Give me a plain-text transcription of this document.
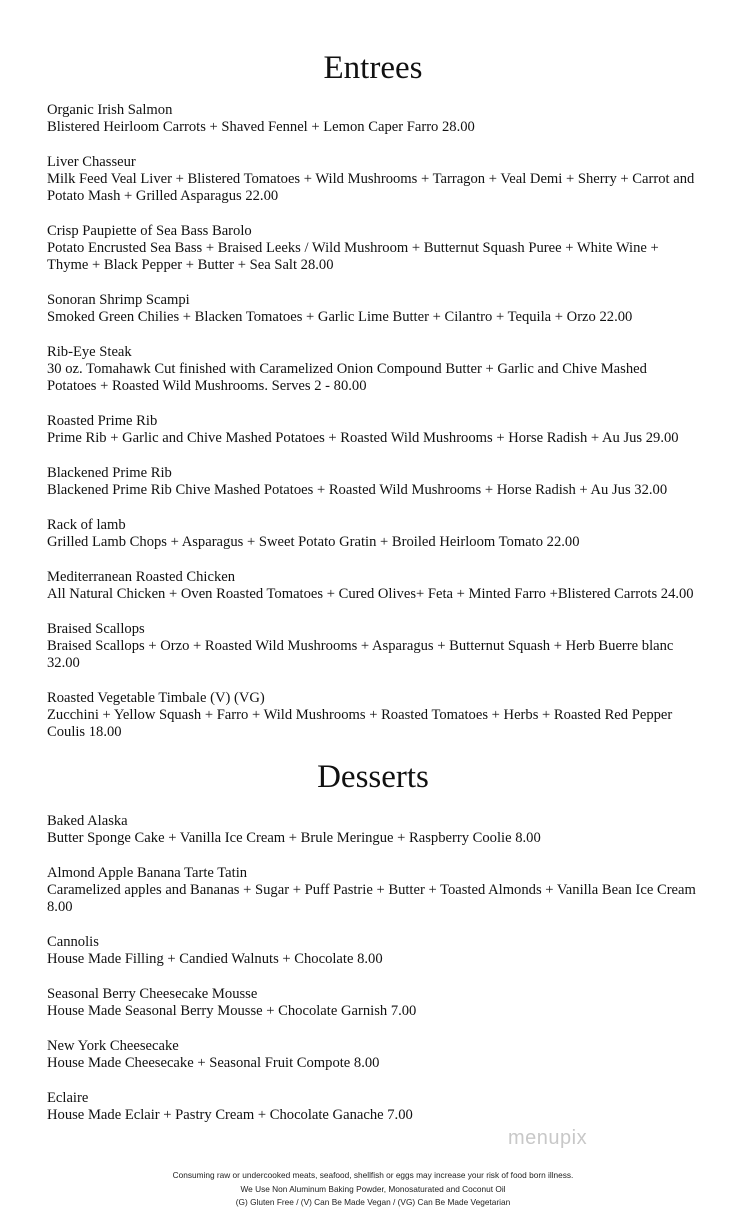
Entrees
Organic Irish Salmon
Blistered Heirloom Carrots + Shaved Fennel + Lemon Caper Farro 28.00
Liver Chasseur
Milk Feed Veal Liver + Blistered Tomatoes + Wild Mushrooms + Tarragon + Veal Demi + Sherry + Carrot and Potato Mash + Grilled Asparagus 22.00
Crisp Paupiette of Sea Bass Barolo
Potato Encrusted Sea Bass + Braised Leeks / Wild Mushroom + Butternut Squash Puree + White Wine + Thyme + Black Pepper + Butter + Sea Salt 28.00
Sonoran Shrimp Scampi
Smoked Green Chilies + Blacken Tomatoes + Garlic Lime Butter + Cilantro + Tequila + Orzo 22.00
Rib-Eye Steak
30 oz. Tomahawk Cut finished with Caramelized Onion Compound Butter + Garlic and Chive Mashed Potatoes + Roasted Wild Mushrooms. Serves 2 - 80.00
Roasted Prime Rib
Prime Rib + Garlic and Chive Mashed Potatoes + Roasted Wild Mushrooms + Horse Radish + Au Jus 29.00
Blackened Prime Rib
Blackened Prime Rib Chive Mashed Potatoes + Roasted Wild Mushrooms + Horse Radish + Au Jus 32.00
Rack of lamb
Grilled Lamb Chops + Asparagus + Sweet Potato Gratin + Broiled Heirloom Tomato 22.00
Mediterranean Roasted Chicken
All Natural Chicken + Oven Roasted Tomatoes + Cured Olives+ Feta + Minted Farro +Blistered Carrots 24.00
Braised Scallops
Braised Scallops + Orzo + Roasted Wild Mushrooms + Asparagus + Butternut Squash + Herb Buerre blanc 32.00
Roasted Vegetable Timbale (V) (VG)
Zucchini + Yellow Squash + Farro + Wild Mushrooms + Roasted Tomatoes + Herbs + Roasted Red Pepper Coulis 18.00
Desserts
Baked Alaska
Butter Sponge Cake + Vanilla Ice Cream + Brule Meringue + Raspberry Coolie 8.00
Almond Apple Banana Tarte Tatin
Caramelized apples and Bananas + Sugar + Puff Pastrie + Butter + Toasted Almonds + Vanilla Bean Ice Cream 8.00
Cannolis
House Made Filling + Candied Walnuts + Chocolate 8.00
Seasonal Berry Cheesecake Mousse
House Made Seasonal Berry Mousse + Chocolate Garnish 7.00
New York Cheesecake
House Made Cheesecake + Seasonal Fruit Compote 8.00
Eclaire
House Made Eclair + Pastry Cream + Chocolate Ganache 7.00
menupix
Consuming raw or undercooked meats, seafood, shellfish or eggs may increase your risk of food born illness.
We Use Non Aluminum Baking Powder, Monosaturated and Coconut Oil
(G) Gluten Free / (V) Can Be Made Vegan / (VG) Can Be Made Vegetarian
